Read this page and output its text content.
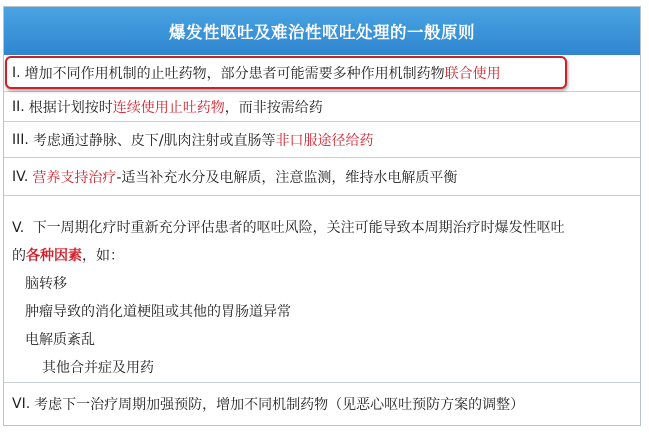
爆发性呕吐及难治性呕吐处理的一般原则
I. 增加不同作用机制的止吐药物，部分患者可能需要多种作用机制药物 联合使用
II. 根据计划按时 连续使用止吐药物 ，而非按需给药
III. 考虑通过静脉、皮下/肌肉注射或直肠等 非口服途径给药
IV. 营养支持治疗 -适当补充水分及电解质，注意监测，维持水电解质平衡
V. 下一周期化疗时重新充分评估患者的呕吐风险，关注可能导致本周期治疗时爆发性呕吐
的各种因素，如：
脑转移
肿瘤导致的消化道梗阻或其他的胃肠道异常
电解质紊乱
其他合并症及用药
VI. 考虑下一治疗周期加强预防，增加不同机制药物（见恶心呕吐预防方案的调整）
